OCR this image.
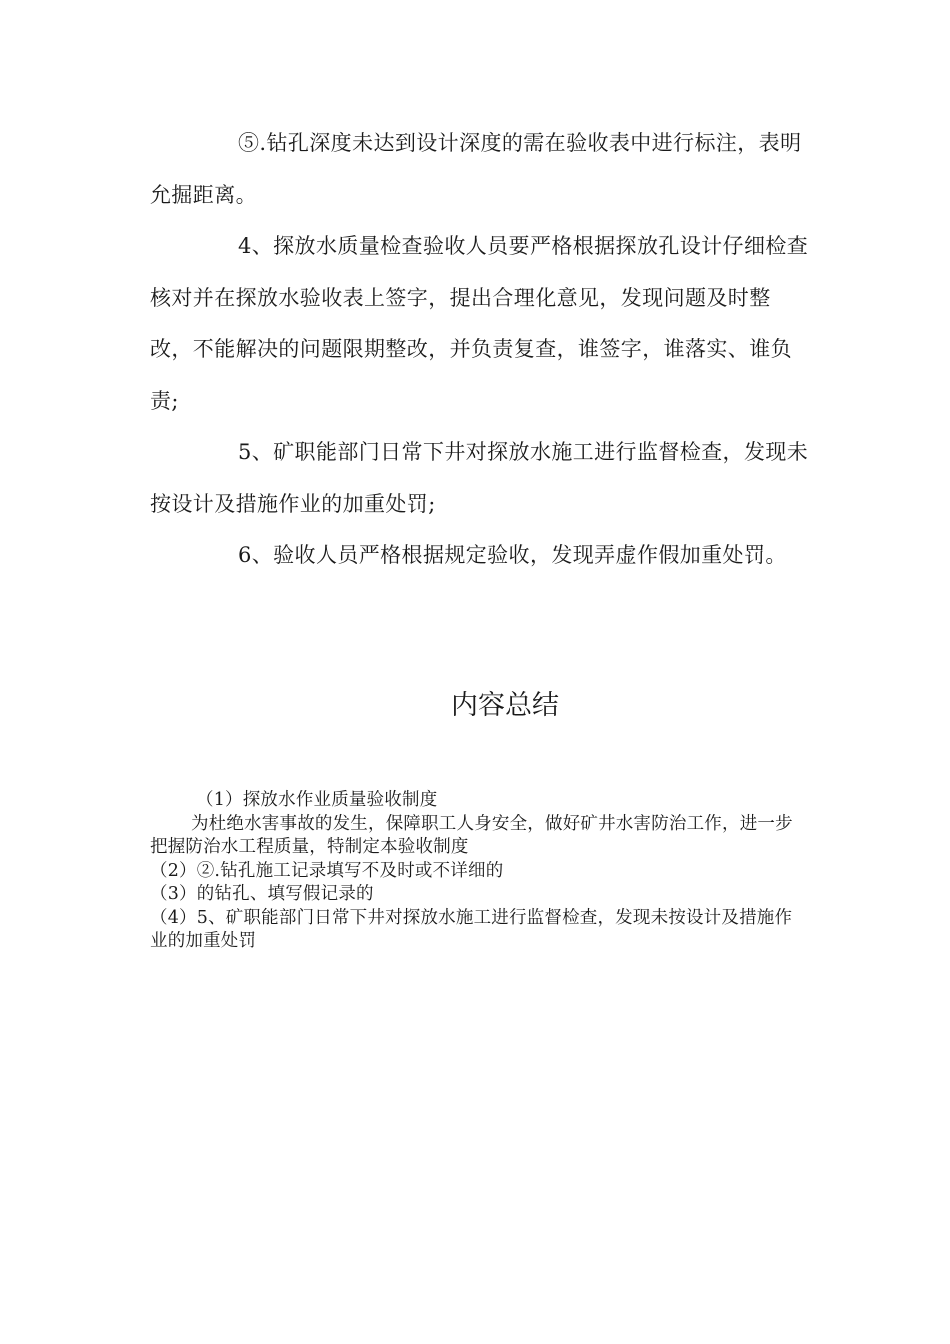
⑤.钻孔深度未达到设计深度的需在验收表中进行标注，表明允掘距离。

4、探放水质量检查验收人员要严格根据探放孔设计仔细检查核对并在探放水验收表上签字，提出合理化意见，发现问题及时整改，不能解决的问题限期整改，并负责复查，谁签字，谁落实、谁负责;

5、矿职能部门日常下井对探放水施工进行监督检查，发现未按设计及措施作业的加重处罚;

6、验收人员严格根据规定验收，发现弄虚作假加重处罚。

内容总结

（1）探放水作业质量验收制度

为杜绝水害事故的发生，保障职工人身安全，做好矿井水害防治工作，进一步把握防治水工程质量，特制定本验收制度

（2）②.钻孔施工记录填写不及时或不详细的

（3）的钻孔、填写假记录的

（4）5、矿职能部门日常下井对探放水施工进行监督检查，发现未按设计及措施作业的加重处罚
